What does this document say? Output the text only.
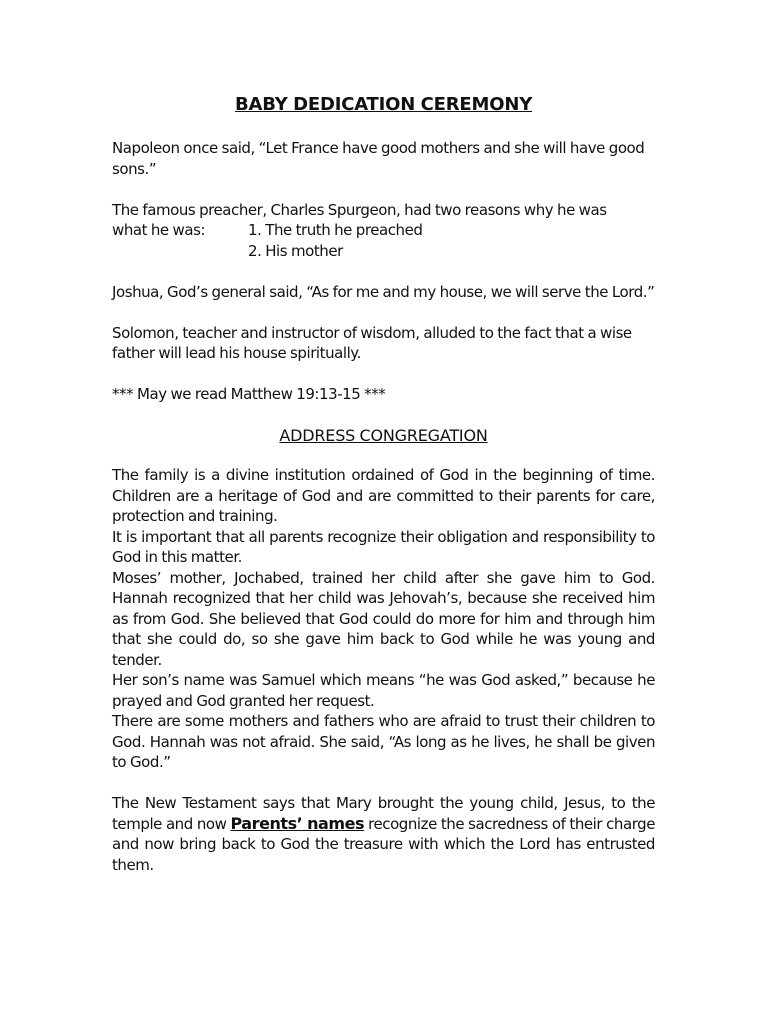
BABY DEDICATION CEREMONY

Napoleon once said, “Let France have good mothers and she will have good sons.”

The famous preacher, Charles Spurgeon, had two reasons why he was
what he was:	1. The truth he preached
2. His mother

Joshua, God’s general said, “As for me and my house, we will serve the Lord.”

Solomon, teacher and instructor of wisdom, alluded to the fact that a wise father will lead his house spiritually.

*** May we read Matthew 19:13-15 ***

ADDRESS CONGREGATION

The family is a divine institution ordained of God in the beginning of time. Children are a heritage of God and are committed to their parents for care, protection and training.

It is important that all parents recognize their obligation and responsibility to God in this matter.

Moses’ mother, Jochabed, trained her child after she gave him to God. Hannah recognized that her child was Jehovah’s, because she received him as from God. She believed that God could do more for him and through him that she could do, so she gave him back to God while he was young and tender.

Her son’s name was Samuel which means “he was God asked,” because he prayed and God granted her request.

There are some mothers and fathers who are afraid to trust their children to God. Hannah was not afraid. She said, “As long as he lives, he shall be given to God.”

The New Testament says that Mary brought the young child, Jesus, to the temple and now Parents’ names recognize the sacredness of their charge and now bring back to God the treasure with which the Lord has entrusted them.
